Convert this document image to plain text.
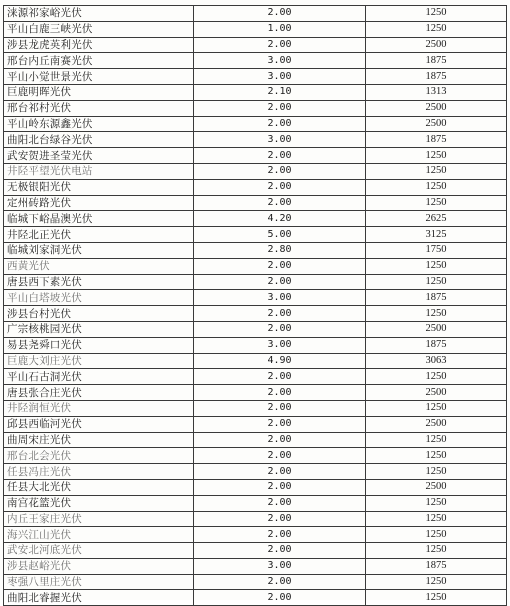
涞源祁家峪光伏	2.00	1250
平山白鹿三峡光伏	1.00	1250
涉县龙虎英利光伏	2.00	2500
邢台内丘南赛光伏	3.00	1875
平山小觉世景光伏	3.00	1875
巨鹿明晖光伏	2.10	1313
邢台祁村光伏	2.00	2500
平山岭东源鑫光伏	2.00	2500
曲阳北台绿谷光伏	3.00	1875
武安贺进圣莹光伏	2.00	1250
井陉平望光伏电站	2.00	1250
无极银阳光伏	2.00	1250
定州砖路光伏	2.00	1250
临城下峪晶澳光伏	4.20	2625
井陉北正光伏	5.00	3125
临城刘家洞光伏	2.80	1750
西黄光伏	2.00	1250
唐县西下素光伏	2.00	1250
平山白塔坡光伏	3.00	1875
涉县台村光伏	2.00	1250
广宗核桃园光伏	2.00	2500
易县尧舜口光伏	3.00	1875
巨鹿大刘庄光伏	4.90	3063
平山石古洞光伏	2.00	1250
唐县张合庄光伏	2.00	2500
井陉润恒光伏	2.00	1250
邱县西临河光伏	2.00	2500
曲周宋庄光伏	2.00	1250
邢台北会光伏	2.00	1250
任县冯庄光伏	2.00	1250
任县大北光伏	2.00	2500
南宫花篮光伏	2.00	1250
内丘王家庄光伏	2.00	1250
海兴江山光伏	2.00	1250
武安北河底光伏	2.00	1250
涉县赵峪光伏	3.00	1875
枣强八里庄光伏	2.00	1250
曲阳北睿握光伏	2.00	1250
